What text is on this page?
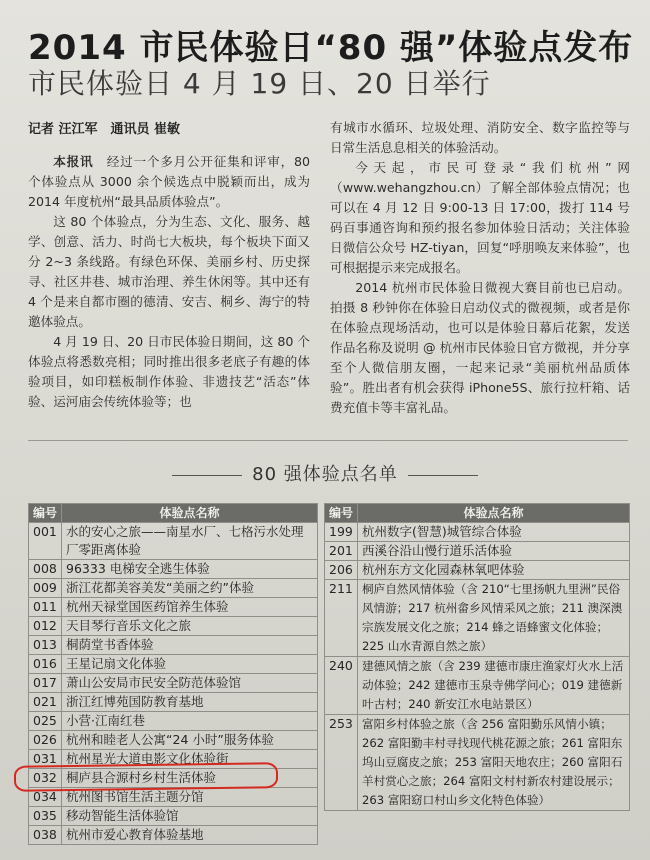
2014 市民体验日“80 强”体验点发布
市民体验日 4 月 19 日、20 日举行
记者 汪江军　通讯员 崔敏

本报讯　 经过一个多月公开征集和评审，80 个体验点从 3000 余个候选点中脱颖而出，成为 2014 年度杭州“最具品质体验点”。

这 80 个体验点，分为生态、文化、服务、越学、创意、活力、时尚七大板块，每个板块下面又分 2~3 条线路。有绿色环保、美丽乡村、历史探寻、社区井巷、城市治理、养生休闲等。其中还有 4 个是来自都市圈的德清、安吉、桐乡、海宁的特邀体验点。

4 月 19 日、20 日市民体验日期间，这 80 个体验点将悉数亮相；同时推出很多老底子有趣的体验项目，如印糕板制作体验、非遗技艺“活态”体验、运河庙会传统体验等；也

有城市水循环、垃圾处理、消防安全、数字监控等与日常生活息息相关的体验活动。

今天起，市民可登录“我们杭州”网（www.wehangzhou.cn）了解全部体验点情况；也可以在 4 月 12 日 9:00-13 日 17:00，拨打 114 号码百事通咨询和预约报名参加体验日活动；关注体验日微信公众号 HZ-tiyan，回复“呼朋唤友来体验”，也可根据提示来完成报名。

2014 杭州市民体验日微视大赛目前也已启动。拍摄 8 秒钟你在体验日启动仪式的微视频，或者是你在体验点现场活动，也可以是体验日幕后花絮，发送作品名称及说明 @ 杭州市民体验日官方微视，并分享至个人微信朋友圈，一起来记录“美丽杭州品质体验”。胜出者有机会获得 iPhone5S、旅行拉杆箱、话费充值卡等丰富礼品。

80 强体验点名单
编号	体验点名称
001	水的安心之旅——南星水厂、七格污水处理厂零距离体验
008	96333 电梯安全逃生体验
009	浙江花都美容美发“美丽之约”体验
011	杭州天禄堂国医药馆养生体验
012	天目琴行音乐文化之旅
013	桐荫堂书香体验
016	王星记扇文化体验
017	萧山公安局市民安全防范体验馆
021	浙江红博苑国防教育基地
025	小营·江南红巷
026	杭州和睦老人公寓“24 小时”服务体验
031	杭州星光大道电影文化体验街
032	桐庐县合源村乡村生活体验
034	杭州图书馆生活主题分馆
035	移动智能生活体验馆
038	杭州市爱心教育体验基地
编号	体验点名称
199	杭州数字(智慧)城管综合体验
201	西溪谷沿山慢行道乐活体验
206	杭州东方文化园森林氧吧体验
211	桐庐自然风情体验（含 210“七里扬帆九里洲”民俗风情游；217 杭州畲乡风情采风之旅；211 澳深澳宗族发展文化之旅；214 蜂之语蜂蜜文化体验；225 山水青源自然之旅）
240	建德风情之旅（含 239 建德市康庄渔家灯火水上活动体验；242 建德市玉泉寺佛学问心；019 建德新叶古村；240 新安江水电站景区）
253	富阳乡村体验之旅（含 256 富阳勤乐风情小镇；262 富阳勤丰村寻找现代桃花源之旅；261 富阳东坞山豆腐皮之旅；253 富阳天地农庄；260 富阳石羊村赏心之旅；264 富阳文村村新农村建设展示；263 富阳窈口村山乡文化特色体验）
